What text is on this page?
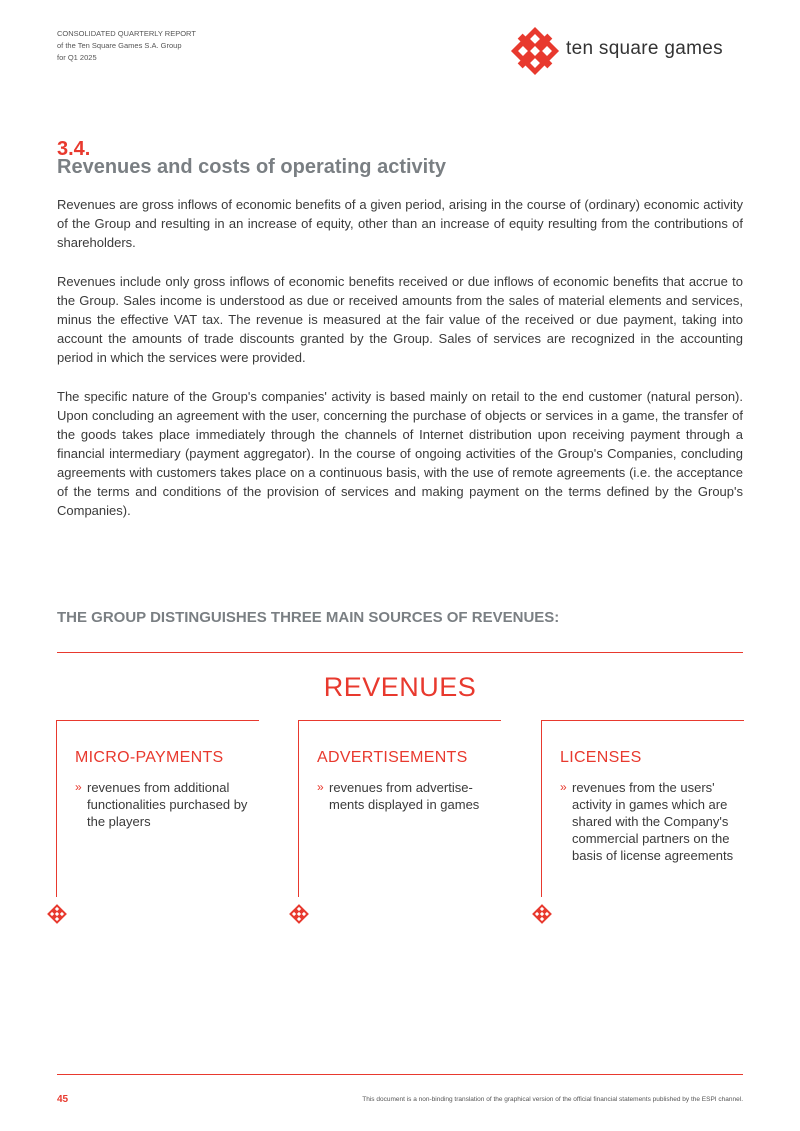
CONSOLIDATED QUARTERLY REPORT
of the Ten Square Games S.A. Group
for Q1 2025	ten square games
3.4.
Revenues and costs of operating activity

Revenues are gross inflows of economic benefits of a given period, arising in the course of (ordinary) economic activity of the Group and resulting in an increase of equity, other than an increase of equity resulting from the contributions of shareholders.

Revenues include only gross inflows of economic benefits received or due inflows of economic benefits that accrue to the Group. Sales income is understood as due or received amounts from the sales of material elements and services, minus the effective VAT tax. The revenue is measured at the fair value of the received or due payment, taking into account the amounts of trade discounts granted by the Group. Sales of services are recognized in the accounting period in which the services were provided.

The specific nature of the Group's companies' activity is based mainly on retail to the end customer (natural person). Upon concluding an agreement with the user, concerning the purchase of objects or services in a game, the transfer of the goods takes place immediately through the channels of Internet distribution upon receiving payment through a financial intermediary (payment aggregator). In the course of ongoing activities of the Group's Companies, concluding agreements with customers takes place on a continuous basis, with the use of remote agreements (i.e. the acceptance of the terms and conditions of the provision of services and making payment on the terms defined by the Group's Companies).

THE GROUP DISTINGUISHES THREE MAIN SOURCES OF REVENUES:
REVENUES
MICRO-PAYMENTS
» revenues from additional functionalities purchased by the players
ADVERTISEMENTS
» revenues from advertise-ments displayed in games
LICENSES
» revenues from the users' activity in games which are shared with the Company's commercial partners on the basis of license agreements
45	This document is a non-binding translation of the graphical version of the official financial statements published by the ESPI channel.
